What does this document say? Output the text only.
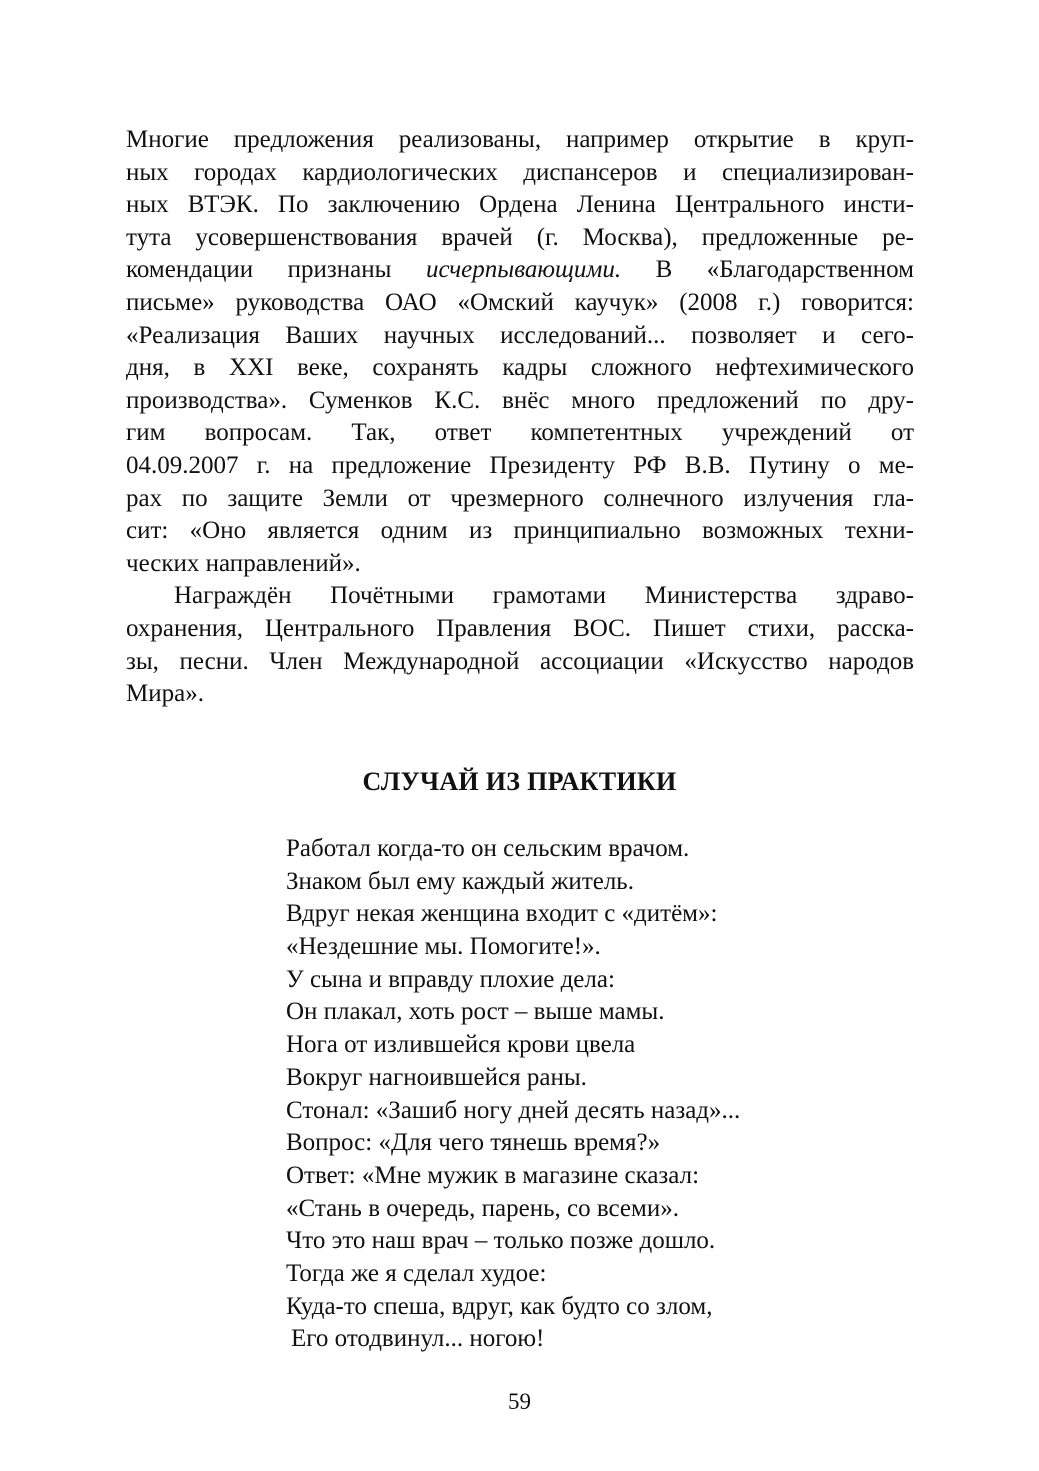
Многие предложения реализованы, например открытие в круп-
ных городах кардиологических диспансеров и специализирован-
ных ВТЭК. По заключению Ордена Ленина Центрального инсти-
тута усовершенствования врачей (г. Москва), предложенные ре-
комендации признаны исчерпывающими. В «Благодарственном
письме» руководства ОАО «Омский каучук» (2008 г.) говорится:
«Реализация Ваших научных исследований... позволяет и сего-
дня, в XXI веке, сохранять кадры сложного нефтехимического
производства». Суменков К.С. внёс много предложений по дру-
гим вопросам. Так, ответ компетентных учреждений от
04.09.2007 г. на предложение Президенту РФ В.В. Путину о ме-
рах по защите Земли от чрезмерного солнечного излучения гла-
сит: «Оно является одним из принципиально возможных техни-
ческих направлений».
Награждён Почётными грамотами Министерства здраво-
охранения, Центрального Правления ВОС. Пишет стихи, расска-
зы, песни. Член Международной ассоциации «Искусство народов
Мира».
СЛУЧАЙ ИЗ ПРАКТИКИ
Работал когда-то он сельским врачом.
Знаком был ему каждый житель.
Вдруг некая женщина входит с «дитём»:
«Нездешние мы. Помогите!».
У сына и вправду плохие дела:
Он плакал, хоть рост – выше мамы.
Нога от излившейся крови цвела
Вокруг нагноившейся раны.
Стонал: «Зашиб ногу дней десять назад»...
Вопрос: «Для чего тянешь время?»
Ответ: «Мне мужик в магазине сказал:
«Стань в очередь, парень, со всеми».
Что это наш врач – только позже дошло.
Тогда же я сделал худое:
Куда-то спеша, вдруг, как будто со злом,
Его отодвинул... ногою!
59
